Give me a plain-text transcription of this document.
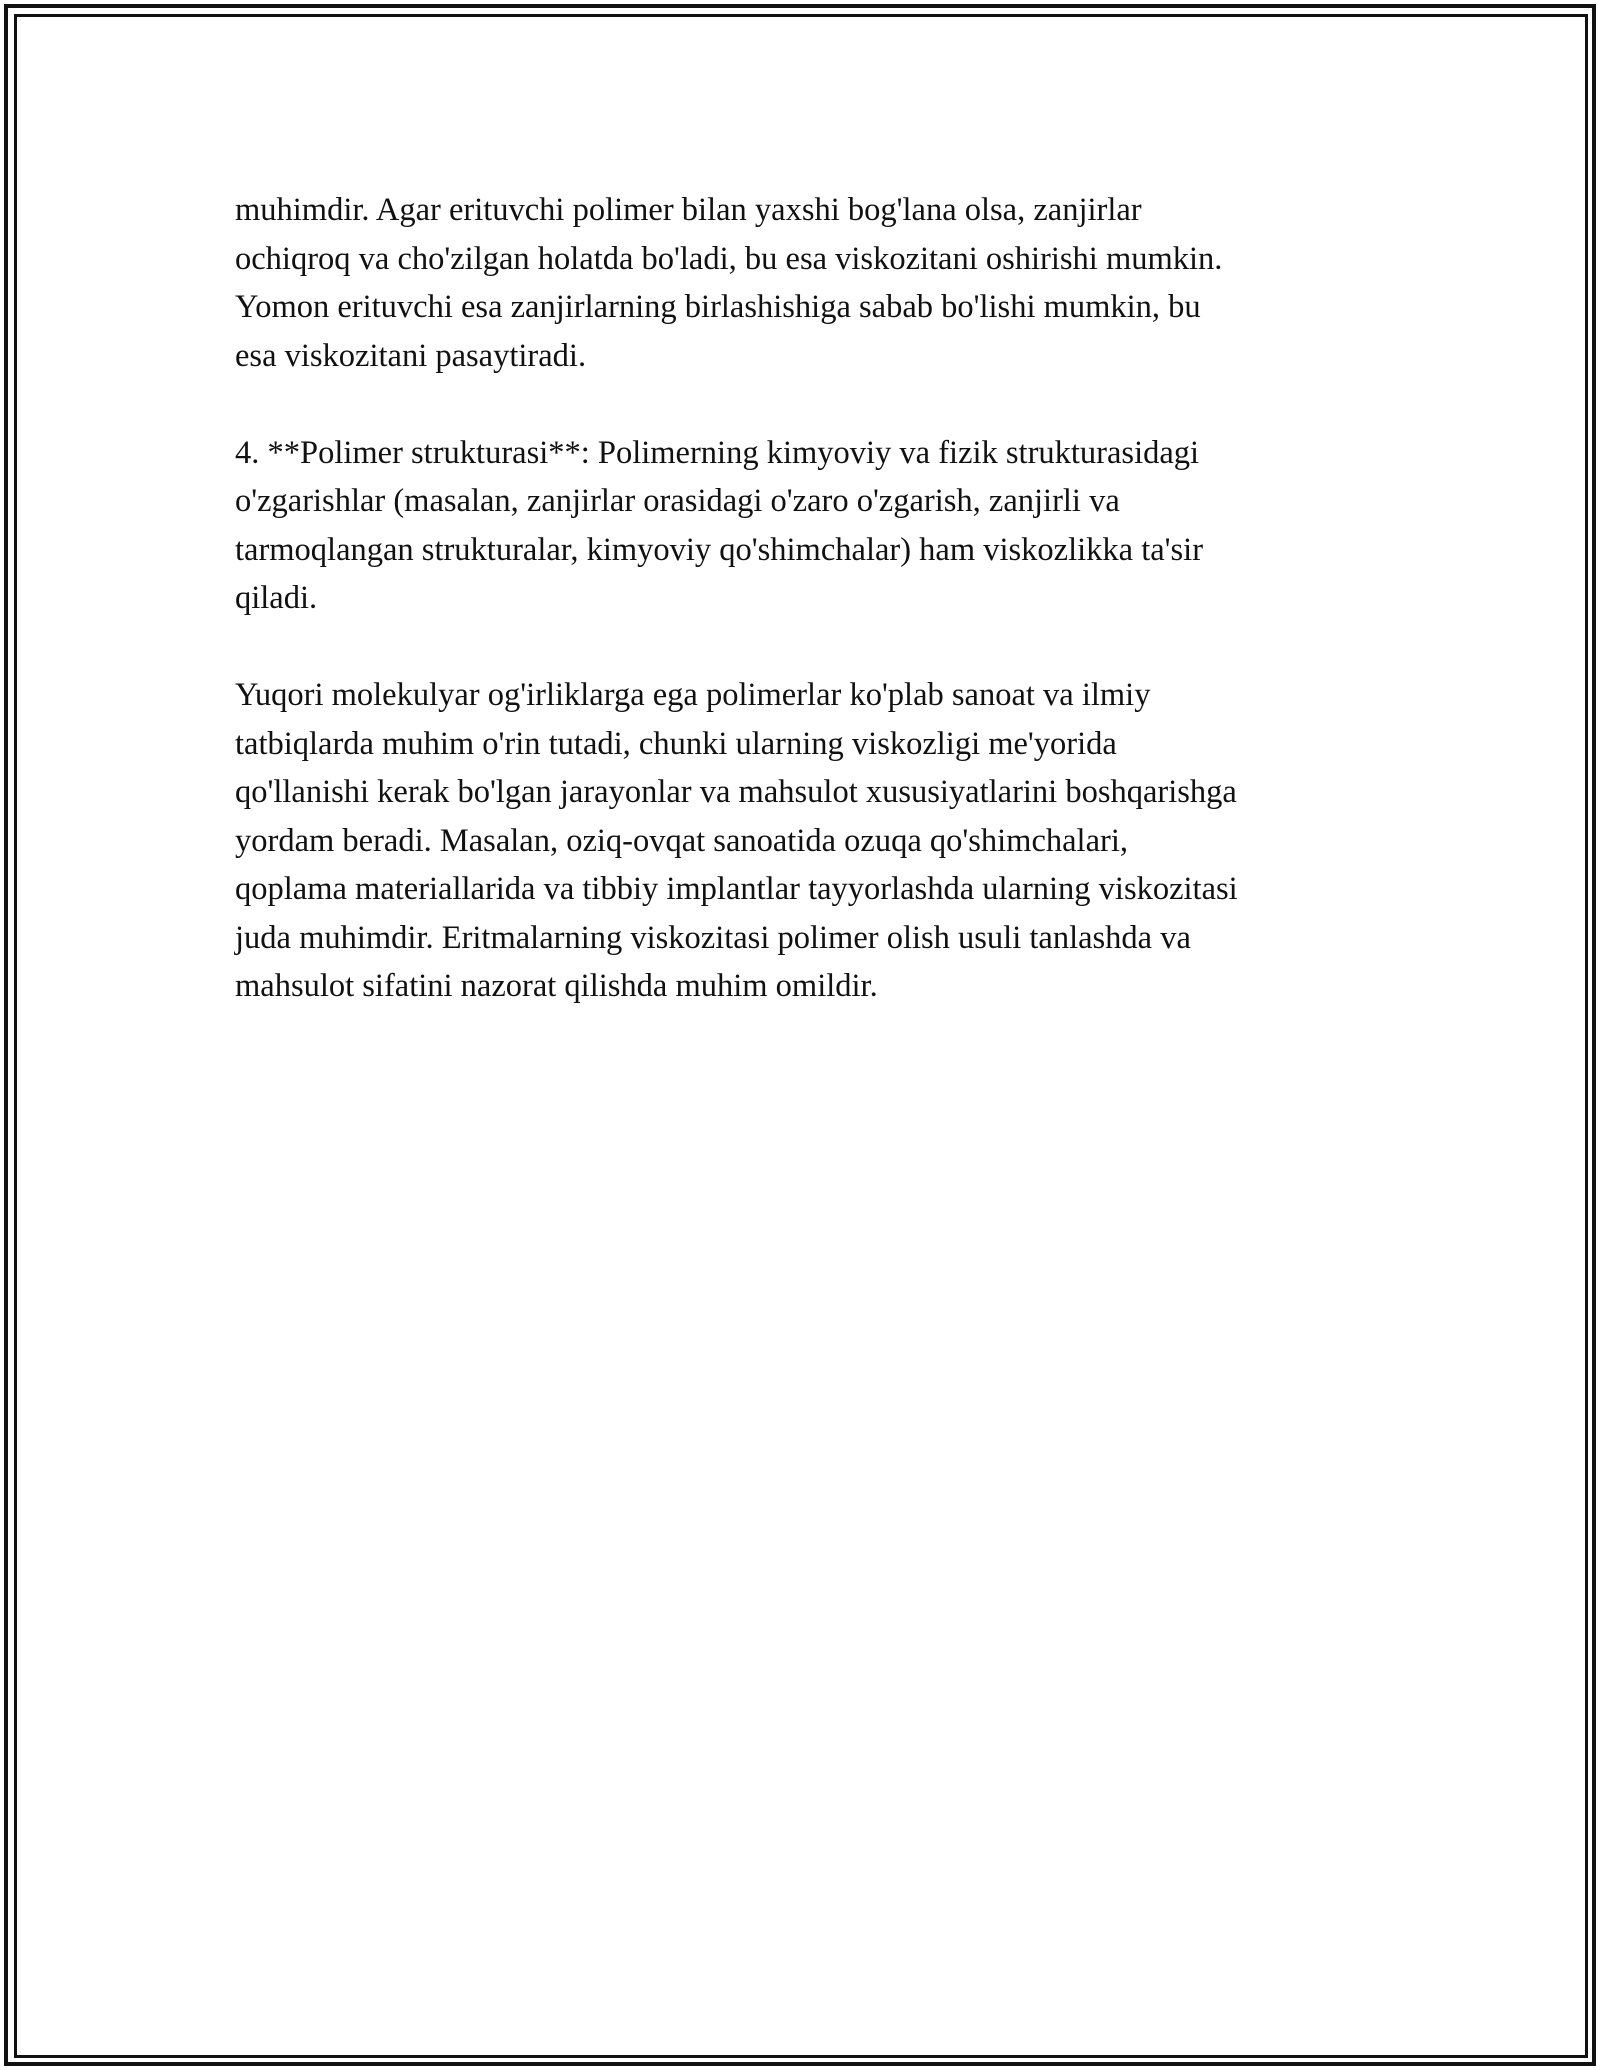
muhimdir. Agar erituvchi polimer bilan yaxshi bog'lana olsa, zanjirlar
ochiqroq va cho'zilgan holatda bo'ladi, bu esa viskozitani oshirishi mumkin.
Yomon erituvchi esa zanjirlarning birlashishiga sabab bo'lishi mumkin, bu
esa viskozitani pasaytiradi.

4. **Polimer strukturasi**: Polimerning kimyoviy va fizik strukturasidagi
o'zgarishlar (masalan, zanjirlar orasidagi o'zaro o'zgarish, zanjirli va
tarmoqlangan strukturalar, kimyoviy qo'shimchalar) ham viskozlikka ta'sir
qiladi.

Yuqori molekulyar og'irliklarga ega polimerlar ko'plab sanoat va ilmiy
tatbiqlarda muhim o'rin tutadi, chunki ularning viskozligi me'yorida
qo'llanishi kerak bo'lgan jarayonlar va mahsulot xususiyatlarini boshqarishga
yordam beradi. Masalan, oziq-ovqat sanoatida ozuqa qo'shimchalari,
qoplama materiallarida va tibbiy implantlar tayyorlashda ularning viskozitasi
juda muhimdir. Eritmalarning viskozitasi polimer olish usuli tanlashda va
mahsulot sifatini nazorat qilishda muhim omildir.
